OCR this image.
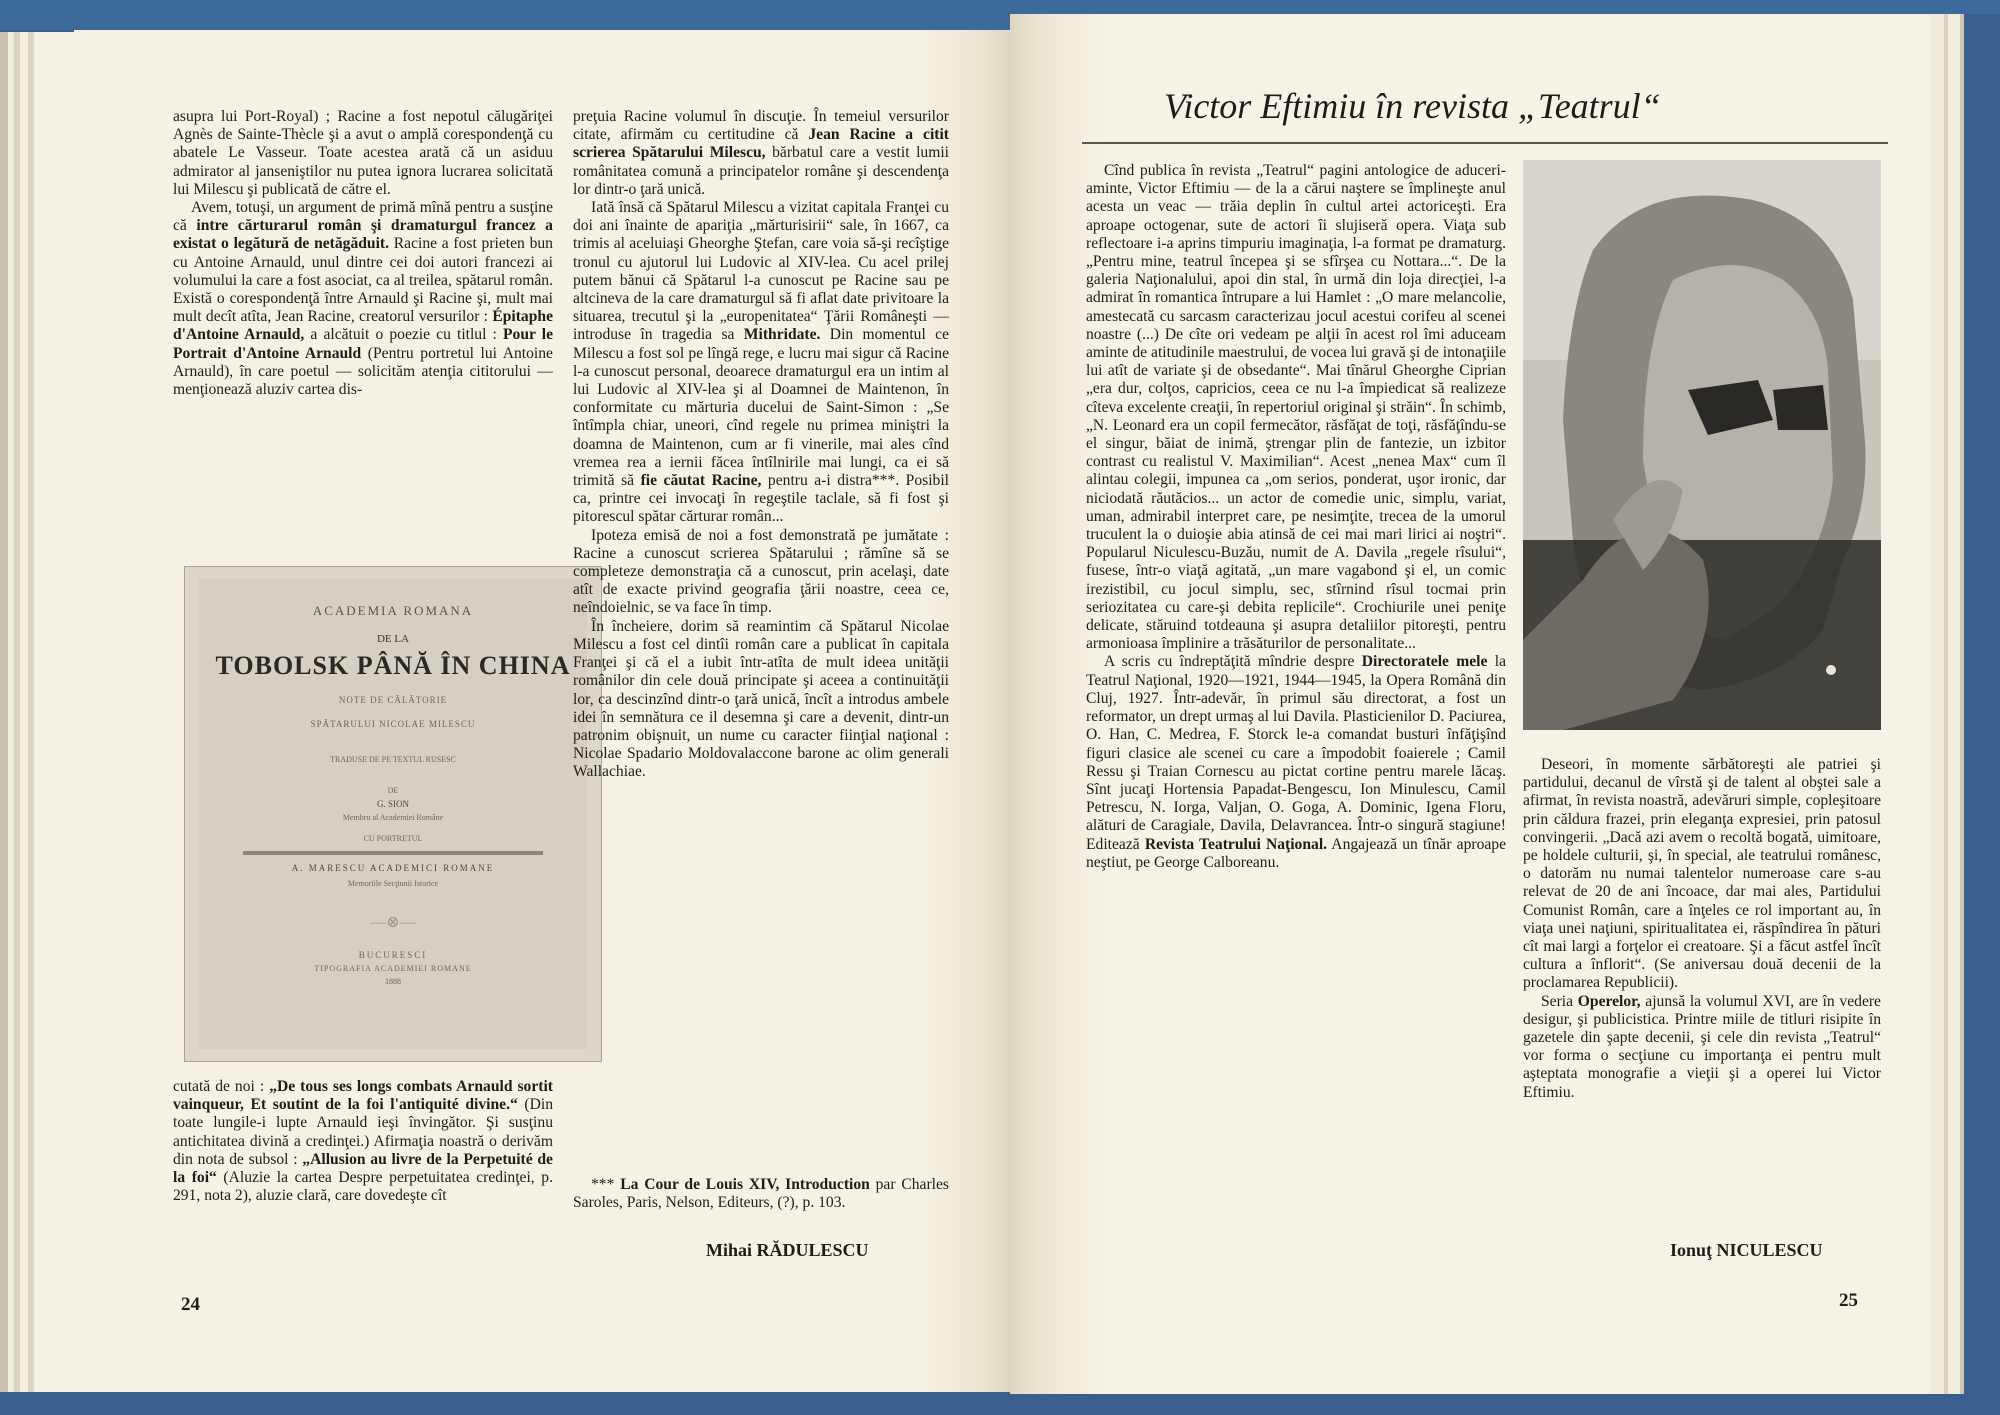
asupra lui Port-Royal) ; Racine a fost nepotul călugăriţei Agnès de Sainte-Thècle şi a avut o amplă corespondenţă cu abatele Le Vasseur. Toate acestea arată că un asiduu admirator al janseniştilor nu putea ignora lucrarea solicitată lui Milescu şi publicată de către el.

Avem, totuşi, un argument de primă mînă pentru a susţine că intre cărturarul român şi dramaturgul francez a existat o legătură de netăgăduit. Racine a fost prieten bun cu Antoine Arnauld, unul dintre cei doi autori francezi ai volumului la care a fost asociat, ca al treilea, spătarul român. Există o corespondenţă între Arnauld şi Racine şi, mult mai mult decît atîta, Jean Racine, creatorul versurilor : Épitaphe d'Antoine Arnauld, a alcătuit o poezie cu titlul : Pour le Portrait d'Antoine Arnauld (Pentru portretul lui Antoine Arnauld), în care poetul — solicităm atenţia cititorului — menţionează aluziv cartea dis-

ACADEMIA ROMANA
DE LA
TOBOLSK PÂNĂ ÎN CHINA
NOTE DE CĂLĂTORIE
SPĂTARULUI NICOLAE MILESCU
TRADUSE DE PE TEXTUL RUSESC
DE
G. SION
Membru al Academiei Române
CU PORTRETUL
A. MARESCU ACADEMICI ROMANE
Memoriile Secţiunii Istorice
—⊗—
BUCURESCI
TIPOGRAFIA ACADEMIEI ROMANE
1888

cutată de noi : „De tous ses longs combats Arnauld sortit vainqueur, Et soutint de la foi l'antiquité divine.“ (Din toate lungile-i lupte Arnauld ieşi învingător. Şi susţinu antichitatea divină a credinţei.) Afirmaţia noastră o derivăm din nota de subsol : „Allusion au livre de la Perpetuité de la foi“ (Aluzie la cartea Despre perpetuitatea credinţei, p. 291, nota 2), aluzie clară, care dovedeşte cît

preţuia Racine volumul în discuţie. În temeiul versurilor citate, afirmăm cu certitudine că Jean Racine a citit scrierea Spătarului Milescu, bărbatul care a vestit lumii românitatea comună a principatelor române şi descendenţa lor dintr-o ţară unică.

Iată însă că Spătarul Milescu a vizitat capitala Franţei cu doi ani înainte de apariţia „mărturisirii“ sale, în 1667, ca trimis al aceluiaşi Gheorghe Ştefan, care voia să-şi recîştige tronul cu ajutorul lui Ludovic al XIV-lea. Cu acel prilej putem bănui că Spătarul l-a cunoscut pe Racine sau pe altcineva de la care dramaturgul să fi aflat date privitoare la situarea, trecutul şi la „europenitatea“ Ţării Româneşti — introduse în tragedia sa Mithridate. Din momentul ce Milescu a fost sol pe lîngă rege, e lucru mai sigur că Racine l-a cunoscut personal, deoarece dramaturgul era un intim al lui Ludovic al XIV-lea şi al Doamnei de Maintenon, în conformitate cu mărturia ducelui de Saint-Simon : „Se întîmpla chiar, uneori, cînd regele nu primea miniştri la doamna de Maintenon, cum ar fi vinerile, mai ales cînd vremea rea a iernii făcea întîlnirile mai lungi, ca ei să trimită să fie căutat Racine, pentru a-i distra***. Posibil ca, printre cei invocaţi în regeştile taclale, să fi fost şi pitorescul spătar cărturar român...

Ipoteza emisă de noi a fost demonstrată pe jumătate : Racine a cunoscut scrierea Spătarului ; rămîne să se completeze demonstraţia că a cunoscut, prin acelaşi, date atît de exacte privind geografia ţării noastre, ceea ce, neîndoielnic, se va face în timp.

În încheiere, dorim să reamintim că Spătarul Nicolae Milescu a fost cel dintîi român care a publicat în capitala Franţei şi că el a iubit într-atîta de mult ideea unităţii românilor din cele două principate şi aceea a continuităţii lor, ca descinzînd dintr-o ţară unică, încît a introdus ambele idei în semnătura ce il desemna şi care a devenit, dintr-un patronim obişnuit, un nume cu caracter fiinţial naţional : Nicolae Spadario Moldovalaccone barone ac olim generali Wallachiae.

*** La Cour de Louis XIV, Introduction par Charles Saroles, Paris, Nelson, Editeurs, (?), p. 103.

Mihai RĂDULESCU
24
Victor Eftimiu în revista „Teatrul“

Cînd publica în revista „Teatrul“ pagini antologice de aduceri-aminte, Victor Eftimiu — de la a cărui naştere se împlineşte anul acesta un veac — trăia deplin în cultul artei actoriceşti. Era aproape octogenar, sute de actori îi slujiseră opera. Viaţa sub reflectoare i-a aprins timpuriu imaginaţia, l-a format pe dramaturg. „Pentru mine, teatrul începea şi se sfîrşea cu Nottara...“. De la galeria Naţionalului, apoi din stal, în urmă din loja direcţiei, l-a admirat în romantica întrupare a lui Hamlet : „O mare melancolie, amestecată cu sarcasm caracterizau jocul acestui corifeu al scenei noastre (...) De cîte ori vedeam pe alţii în acest rol îmi aduceam aminte de atitudinile maestrului, de vocea lui gravă şi de intonaţiile lui atît de variate şi de obsedante“. Mai tînărul Gheorghe Ciprian „era dur, colţos, capricios, ceea ce nu l-a împiedicat să realizeze cîteva excelente creaţii, în repertoriul original şi străin“. În schimb, „N. Leonard era un copil fermecător, răsfăţat de toţi, răsfăţîndu-se el singur, băiat de inimă, ştrengar plin de fantezie, un izbitor contrast cu realistul V. Maximilian“. Acest „nenea Max“ cum îl alintau colegii, impunea ca „om serios, ponderat, uşor ironic, dar niciodată răutăcios... un actor de comedie unic, simplu, variat, uman, admirabil interpret care, pe nesimţite, trecea de la umorul truculent la o duioşie abia atinsă de cei mai mari lirici ai noştri“. Popularul Niculescu-Buzău, numit de A. Davila „regele rîsului“, fusese, într-o viaţă agitată, „un mare vagabond şi el, un comic irezistibil, cu jocul simplu, sec, stîrnind rîsul tocmai prin seriozitatea cu care-şi debita replicile“. Crochiurile unei peniţe delicate, stăruind totdeauna şi asupra detaliilor pitoreşti, pentru armonioasa împlinire a trăsăturilor de personalitate...

A scris cu îndreptăţită mîndrie despre Directoratele mele la Teatrul Naţional, 1920—1921, 1944—1945, la Opera Română din Cluj, 1927. Într-adevăr, în primul său directorat, a fost un reformator, un drept urmaş al lui Davila. Plasticienilor D. Paciurea, O. Han, C. Medrea, F. Storck le-a comandat busturi înfăţişînd figuri clasice ale scenei cu care a împodobit foaierele ; Camil Ressu şi Traian Cornescu au pictat cortine pentru marele lăcaş. Sînt jucaţi Hortensia Papadat-Bengescu, Ion Minulescu, Camil Petrescu, N. Iorga, Valjan, O. Goga, A. Dominic, Igena Floru, alături de Caragiale, Davila, Delavrancea. Într-o singură stagiune! Editează Revista Teatrului Naţional. Angajează un tînăr aproape neştiut, pe George Calboreanu.

Deseori, în momente sărbătoreşti ale patriei şi partidului, decanul de vîrstă şi de talent al obştei sale a afirmat, în revista noastră, adevăruri simple, copleşitoare prin căldura frazei, prin eleganţa expresiei, prin patosul convingerii. „Dacă azi avem o recoltă bogată, uimitoare, pe holdele culturii, şi, în special, ale teatrului românesc, o datorăm nu numai talentelor numeroase care s-au relevat de 20 de ani încoace, dar mai ales, Partidului Comunist Român, care a înţeles ce rol important au, în viaţa unei naţiuni, spiritualitatea ei, răspîndirea în pături cît mai largi a forţelor ei creatoare. Şi a făcut astfel încît cultura a înflorit“. (Se aniversau două decenii de la proclamarea Republicii).

Seria Operelor, ajunsă la volumul XVI, are în vedere desigur, şi publicistica. Printre miile de titluri risipite în gazetele din şapte decenii, şi cele din revista „Teatrul“ vor forma o secţiune cu importanţa ei pentru mult aşteptata monografie a vieţii şi a operei lui Victor Eftimiu.

Ionuţ NICULESCU
25
